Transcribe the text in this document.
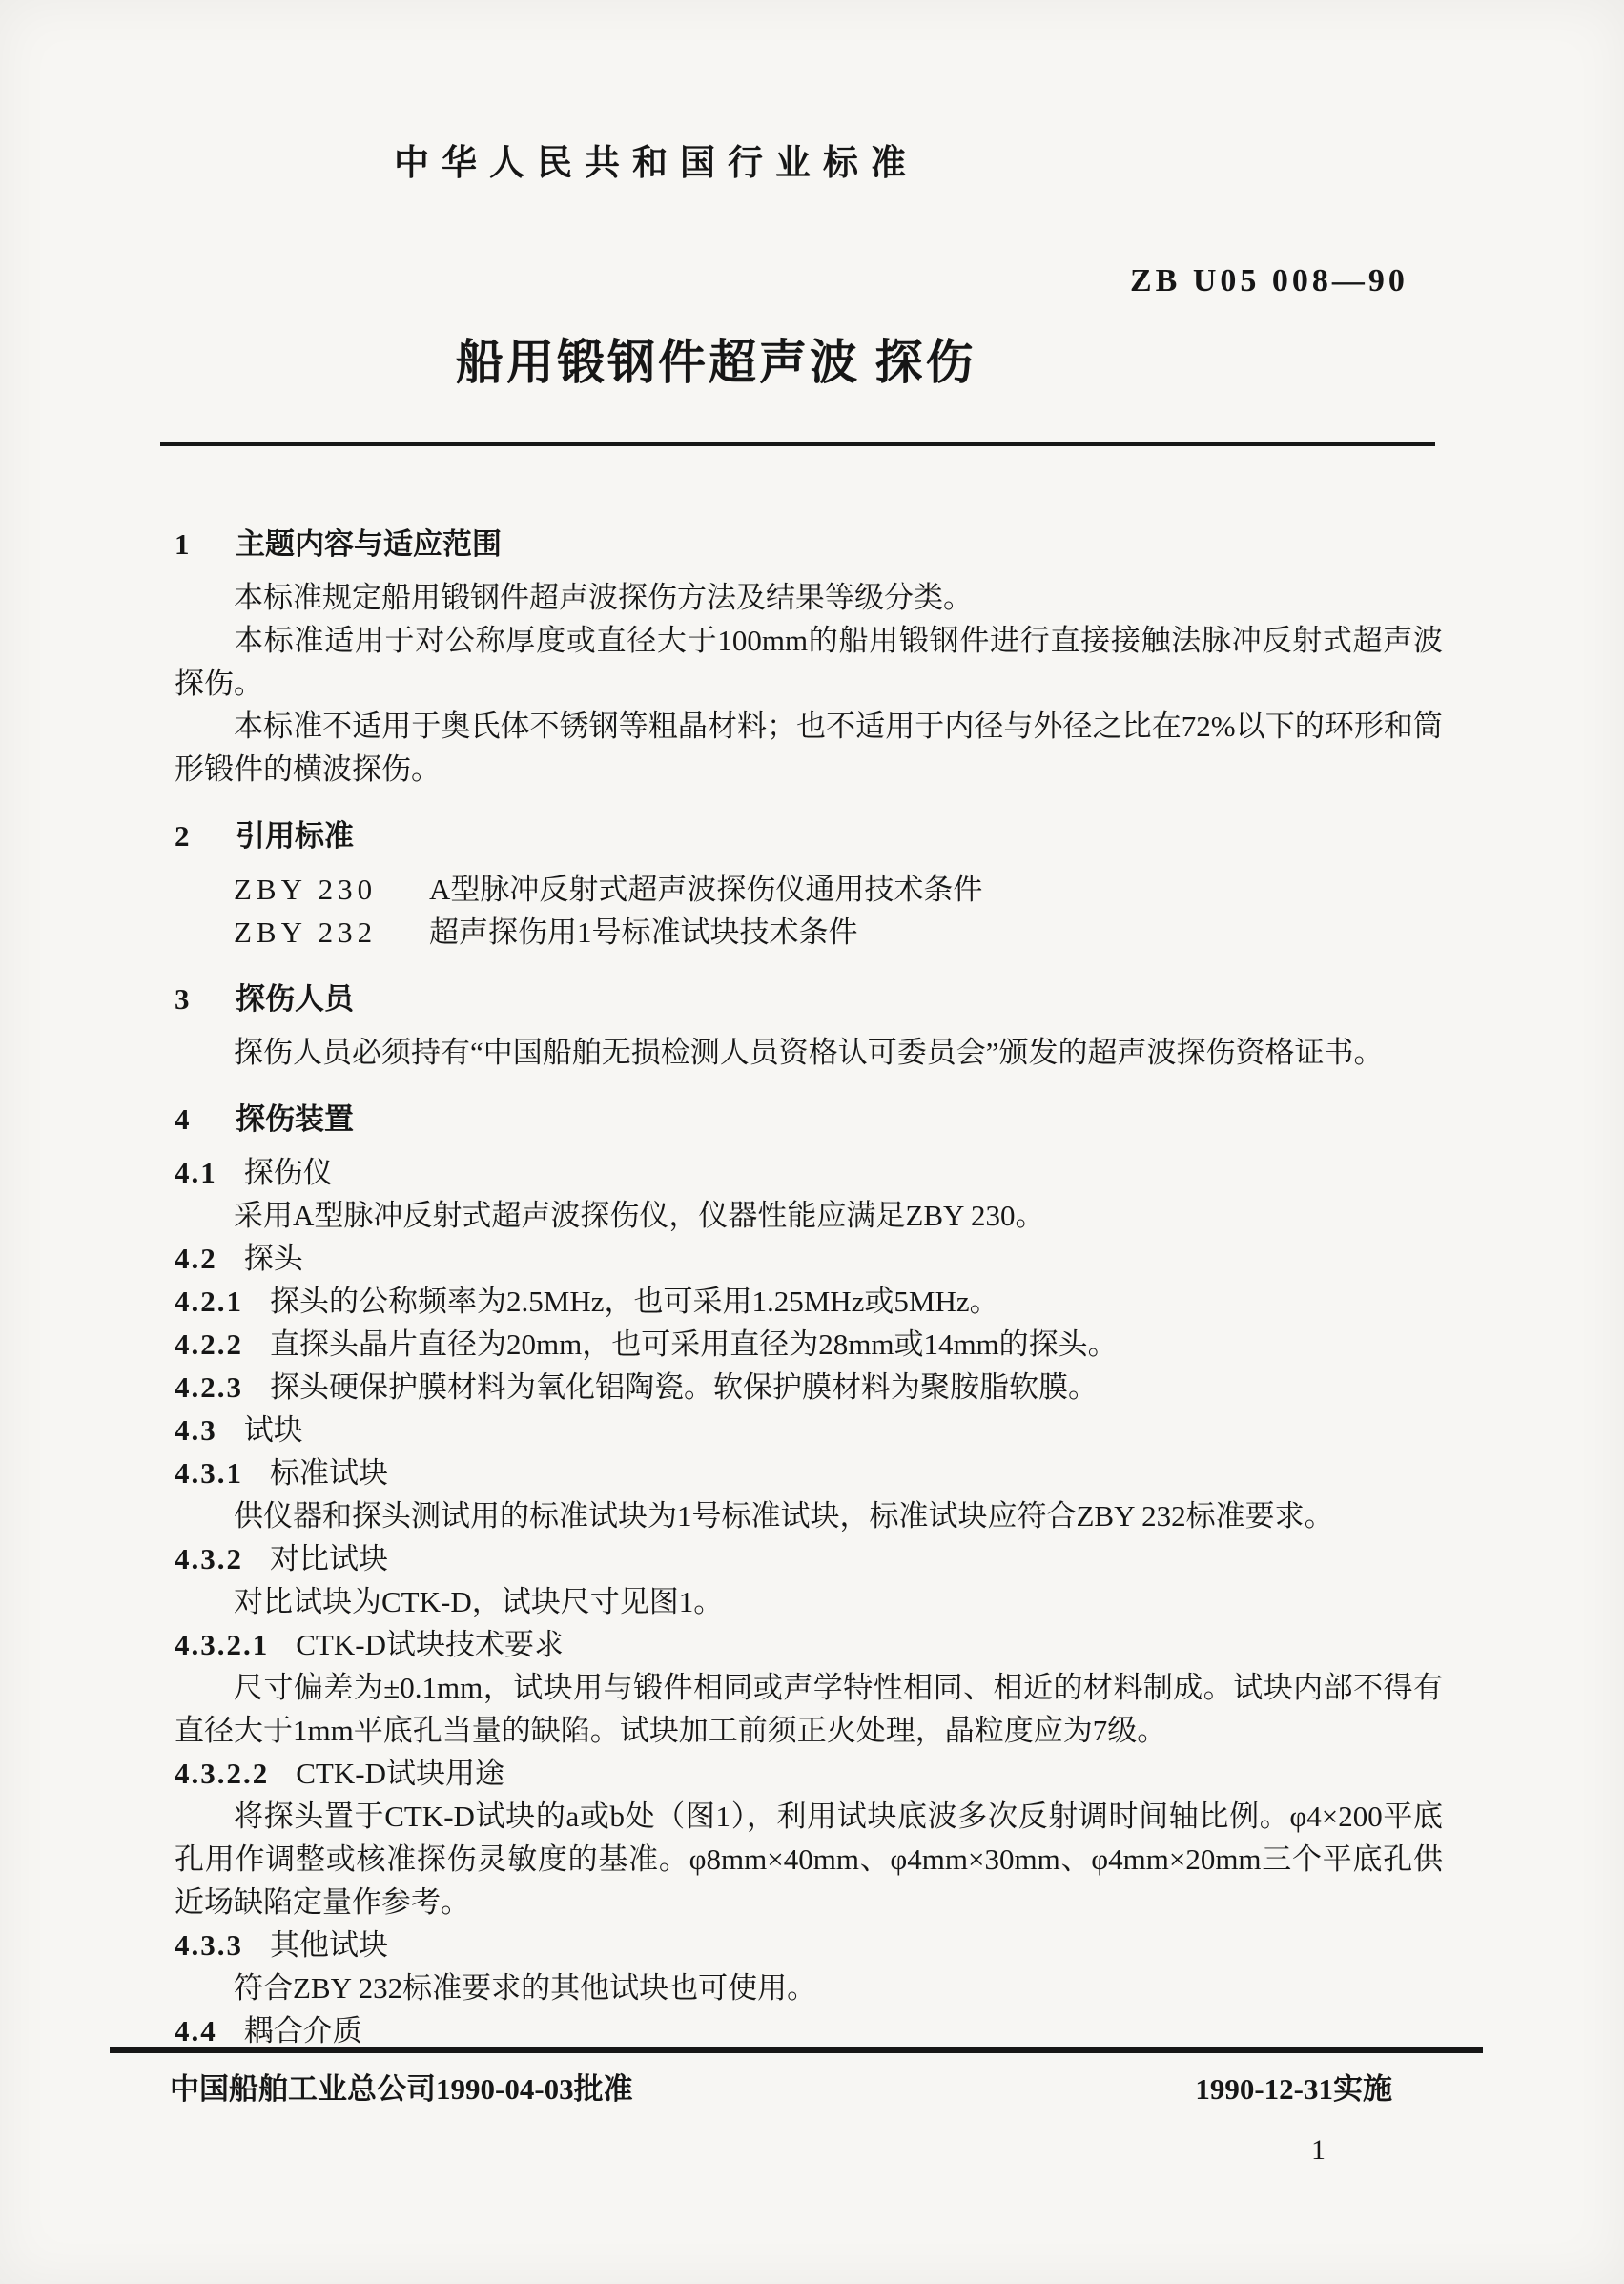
中华人民共和国行业标准
ZB U05 008—90
船用锻钢件超声波 探伤
1 主题内容与适应范围

本标准规定船用锻钢件超声波探伤方法及结果等级分类。

本标准适用于对公称厚度或直径大于100mm的船用锻钢件进行直接接触法脉冲反射式超声波探伤。

本标准不适用于奥氏体不锈钢等粗晶材料；也不适用于内径与外径之比在72%以下的环形和筒形锻件的横波探伤。

2 引用标准
ZBY 230 A型脉冲反射式超声波探伤仪通用技术条件
ZBY 232 超声探伤用1号标准试块技术条件
3 探伤人员

探伤人员必须持有“中国船舶无损检测人员资格认可委员会”颁发的超声波探伤资格证书。

4 探伤装置
4.1 探伤仪

采用A型脉冲反射式超声波探伤仪，仪器性能应满足ZBY 230。

4.2 探头
4.2.1 探头的公称频率为2.5MHz，也可采用1.25MHz或5MHz。
4.2.2 直探头晶片直径为20mm，也可采用直径为28mm或14mm的探头。
4.2.3 探头硬保护膜材料为氧化铝陶瓷。软保护膜材料为聚胺脂软膜。
4.3 试块
4.3.1 标准试块

供仪器和探头测试用的标准试块为1号标准试块，标准试块应符合ZBY 232标准要求。

4.3.2 对比试块

对比试块为CTK-D，试块尺寸见图1。

4.3.2.1 CTK-D试块技术要求

尺寸偏差为±0.1mm，试块用与锻件相同或声学特性相同、相近的材料制成。试块内部不得有直径大于1mm平底孔当量的缺陷。试块加工前须正火处理，晶粒度应为7级。

4.3.2.2 CTK-D试块用途

将探头置于CTK-D试块的a或b处（图1），利用试块底波多次反射调时间轴比例。φ4×200平底孔用作调整或核准探伤灵敏度的基准。φ8mm×40mm、φ4mm×30mm、φ4mm×20mm三个平底孔供近场缺陷定量作参考。

4.3.3 其他试块

符合ZBY 232标准要求的其他试块也可使用。

4.4 耦合介质
中国船舶工业总公司1990-04-03批准	1990-12-31实施
1
